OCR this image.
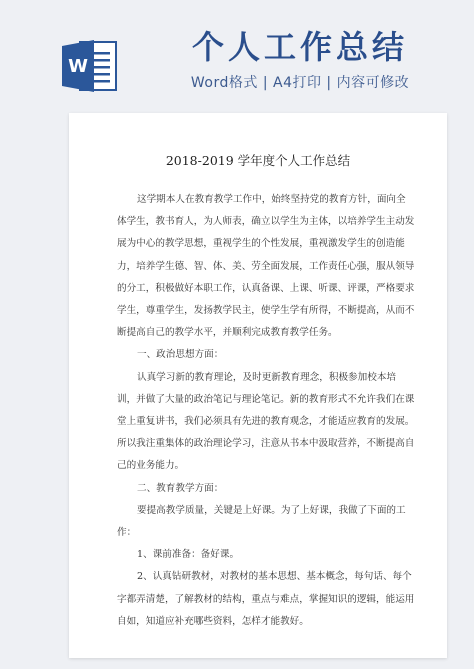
W
个人工作总结
Word格式 | A4打印 | 内容可修改
2018-2019 学年度个人工作总结

这学期本人在教育教学工作中，始终坚持党的教育方针，面向全体学生，教书育人，为人师表，确立以学生为主体，以培养学生主动发展为中心的教学思想，重视学生的个性发展，重视激发学生的创造能力，培养学生德、智、体、美、劳全面发展，工作责任心强，服从领导的分工，积极做好本职工作，认真备课、上课、听课、评课，严格要求学生，尊重学生，发扬教学民主，使学生学有所得，不断提高，从而不断提高自己的教学水平，并顺利完成教育教学任务。

一、政治思想方面：

认真学习新的教育理论，及时更新教育理念，积极参加校本培训，并做了大量的政治笔记与理论笔记。新的教育形式不允许我们在课堂上重复讲书，我们必须具有先进的教育观念，才能适应教育的发展。所以我注重集体的政治理论学习，注意从书本中汲取营养，不断提高自己的业务能力。

二、教育教学方面：

要提高教学质量，关键是上好课。为了上好课，我做了下面的工作：

1、课前准备：备好课。

2、认真钻研教材，对教材的基本思想、基本概念，每句话、每个字都弄清楚，了解教材的结构，重点与难点，掌握知识的逻辑，能运用自如，知道应补充哪些资料，怎样才能教好。
